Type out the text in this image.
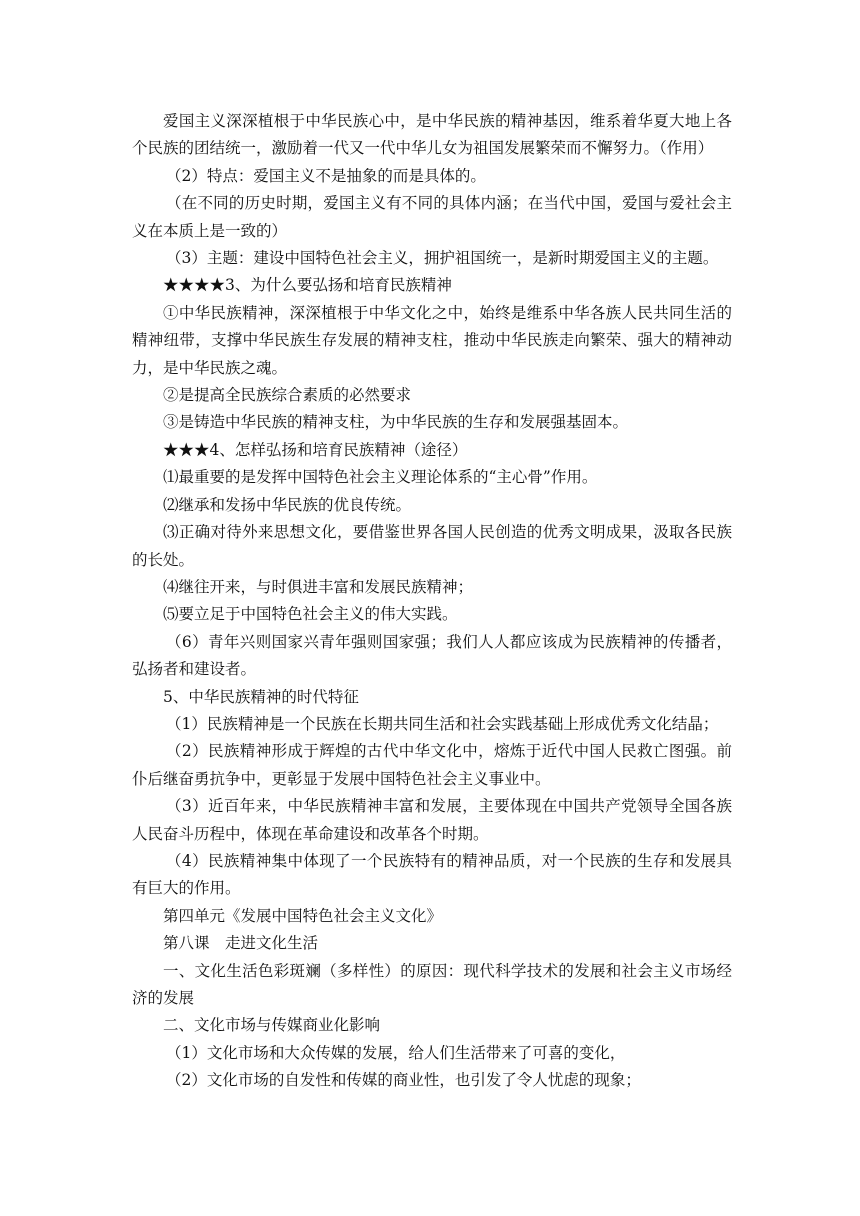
爱国主义深深植根于中华民族心中，是中华民族的精神基因，维系着华夏大地上各个民族的团结统一，激励着一代又一代中华儿女为祖国发展繁荣而不懈努力。（作用）

（2）特点：爱国主义不是抽象的而是具体的。

（在不同的历史时期，爱国主义有不同的具体内涵；在当代中国，爱国与爱社会主义在本质上是一致的）

（3）主题：建设中国特色社会主义，拥护祖国统一，是新时期爱国主义的主题。

★★★★3、为什么要弘扬和培育民族精神

①中华民族精神，深深植根于中华文化之中，始终是维系中华各族人民共同生活的精神纽带，支撑中华民族生存发展的精神支柱，推动中华民族走向繁荣、强大的精神动力，是中华民族之魂。

②是提高全民族综合素质的必然要求

③是铸造中华民族的精神支柱，为中华民族的生存和发展强基固本。

★★★4、怎样弘扬和培育民族精神（途径）

⑴最重要的是发挥中国特色社会主义理论体系的“主心骨”作用。

⑵继承和发扬中华民族的优良传统。

⑶正确对待外来思想文化，要借鉴世界各国人民创造的优秀文明成果，汲取各民族的长处。

⑷继往开来，与时俱进丰富和发展民族精神；

⑸要立足于中国特色社会主义的伟大实践。

（6）青年兴则国家兴青年强则国家强；我们人人都应该成为民族精神的传播者，弘扬者和建设者。

5、中华民族精神的时代特征

（1）民族精神是一个民族在长期共同生活和社会实践基础上形成优秀文化结晶；

（2）民族精神形成于辉煌的古代中华文化中，熔炼于近代中国人民救亡图强。前仆后继奋勇抗争中，更彰显于发展中国特色社会主义事业中。

（3）近百年来，中华民族精神丰富和发展，主要体现在中国共产党领导全国各族人民奋斗历程中，体现在革命建设和改革各个时期。

（4）民族精神集中体现了一个民族特有的精神品质，对一个民族的生存和发展具有巨大的作用。

第四单元《发展中国特色社会主义文化》

第八课　走进文化生活

一、文化生活色彩斑斓（多样性）的原因：现代科学技术的发展和社会主义市场经济的发展

二、文化市场与传媒商业化影响

（1）文化市场和大众传媒的发展，给人们生活带来了可喜的变化，

（2）文化市场的自发性和传媒的商业性，也引发了令人忧虑的现象；
